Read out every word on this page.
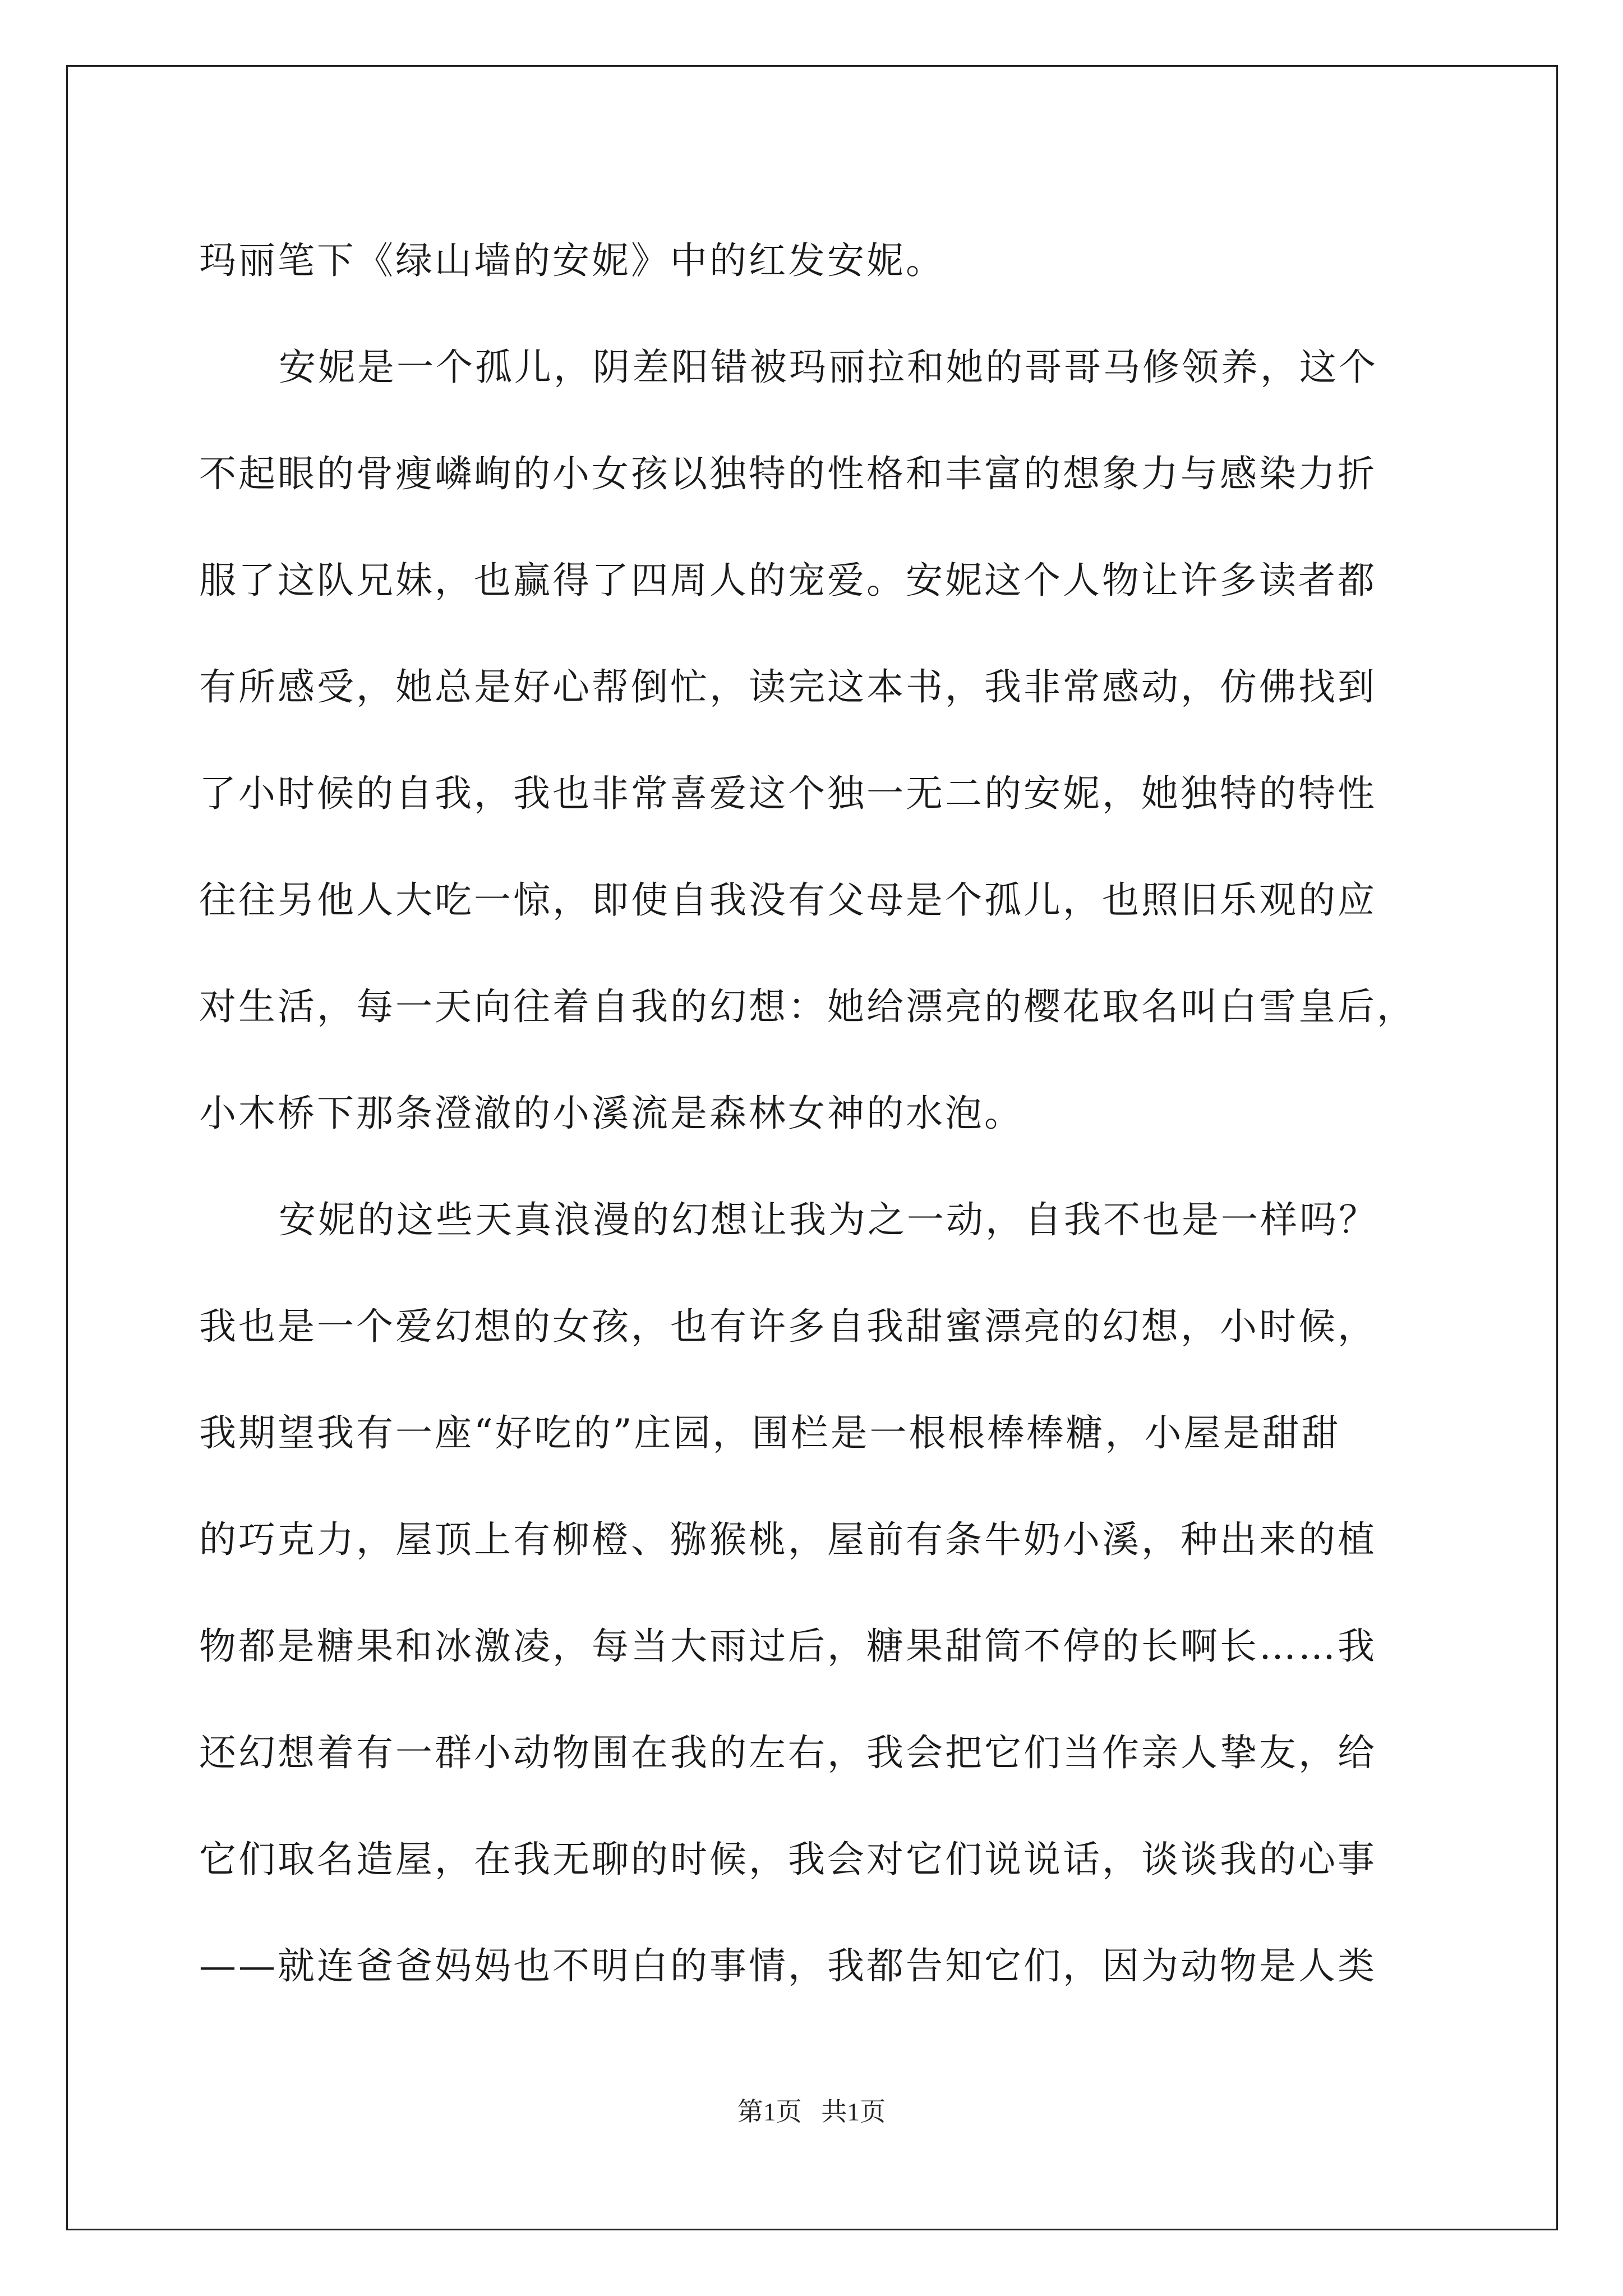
玛丽笔下《绿山墙的安妮》中的红发安妮。
安妮是一个孤儿，阴差阳错被玛丽拉和她的哥哥马修领养，这个
不起眼的骨瘦嶙峋的小女孩以独特的性格和丰富的想象力与感染力折
服了这队兄妹，也赢得了四周人的宠爱。安妮这个人物让许多读者都
有所感受，她总是好心帮倒忙，读完这本书，我非常感动，仿佛找到
了小时候的自我，我也非常喜爱这个独一无二的安妮，她独特的特性
往往另他人大吃一惊，即使自我没有父母是个孤儿，也照旧乐观的应
对生活，每一天向往着自我的幻想：她给漂亮的樱花取名叫白雪皇后，
小木桥下那条澄澈的小溪流是森林女神的水泡。
安妮的这些天真浪漫的幻想让我为之一动，自我不也是一样吗？
我也是一个爱幻想的女孩，也有许多自我甜蜜漂亮的幻想，小时候，
我期望我有一座“好吃的”庄园，围栏是一根根棒棒糖，小屋是甜甜
的巧克力，屋顶上有柳橙、猕猴桃，屋前有条牛奶小溪，种出来的植
物都是糖果和冰激凌，每当大雨过后，糖果甜筒不停的长啊长……我
还幻想着有一群小动物围在我的左右，我会把它们当作亲人挚友，给
它们取名造屋，在我无聊的时候，我会对它们说说话，谈谈我的心事
——就连爸爸妈妈也不明白的事情，我都告知它们，因为动物是人类
第1页 共1页
